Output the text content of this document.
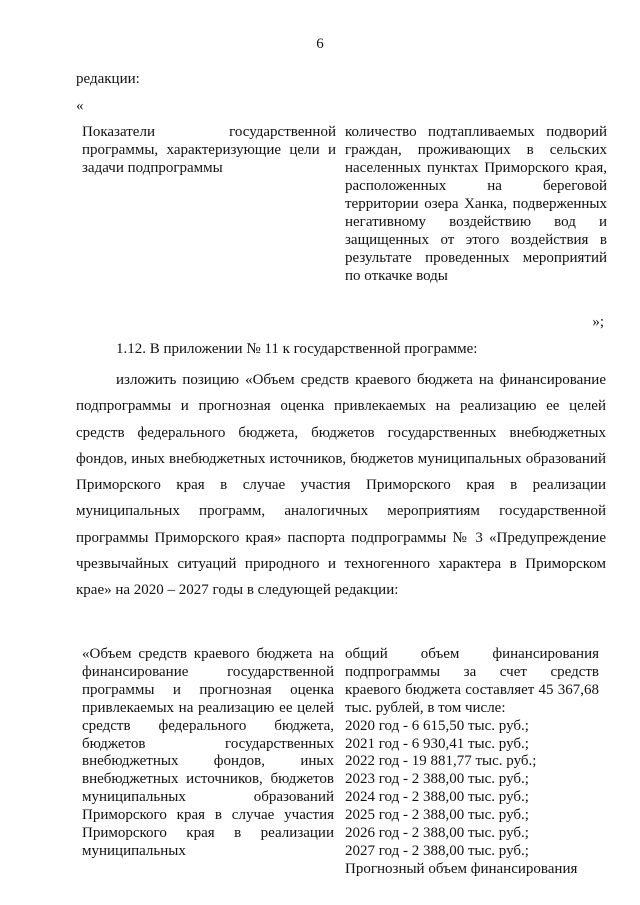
6
редакции:
«
Показатели государственной программы, характеризующие цели и задачи подпрограммы
количество подтапливаемых подворий граждан, проживающих в сельских населенных пунктах Приморского края, расположенных на береговой территории озера Ханка, подверженных негативному воздействию вод и защищенных от этого воздействия в результате проведенных мероприятий по откачке воды
»;
1.12. В приложении № 11 к государственной программе:
изложить позицию «Объем средств краевого бюджета на финансирование подпрограммы и прогнозная оценка привлекаемых на реализацию ее целей средств федерального бюджета, бюджетов государственных внебюджетных фондов, иных внебюджетных источников, бюджетов муниципальных образований Приморского края в случае участия Приморского края в реализации муниципальных программ, аналогичных мероприятиям государственной программы Приморского края» паспорта подпрограммы № 3 «Предупреждение чрезвычайных ситуаций природного и техногенного характера в Приморском крае» на 2020 – 2027 годы в следующей редакции:
«Объем средств краевого бюджета на финансирование государственной программы и прогнозная оценка привлекаемых на реализацию ее целей средств федерального бюджета, бюджетов государственных внебюджетных фондов, иных внебюджетных источников, бюджетов муниципальных образований Приморского края в случае участия Приморского края в реализации муниципальных
общий объем финансирования подпрограммы за счет средств краевого бюджета составляет 45 367,68 тыс. рублей, в том числе:
2020 год - 6 615,50 тыс. руб.;
2021 год - 6 930,41 тыс. руб.;
2022 год - 19 881,77 тыс. руб.;
2023 год - 2 388,00 тыс. руб.;
2024 год - 2 388,00 тыс. руб.;
2025 год - 2 388,00 тыс. руб.;
2026 год - 2 388,00 тыс. руб.;
2027 год - 2 388,00 тыс. руб.;
Прогнозный объем финансирования
